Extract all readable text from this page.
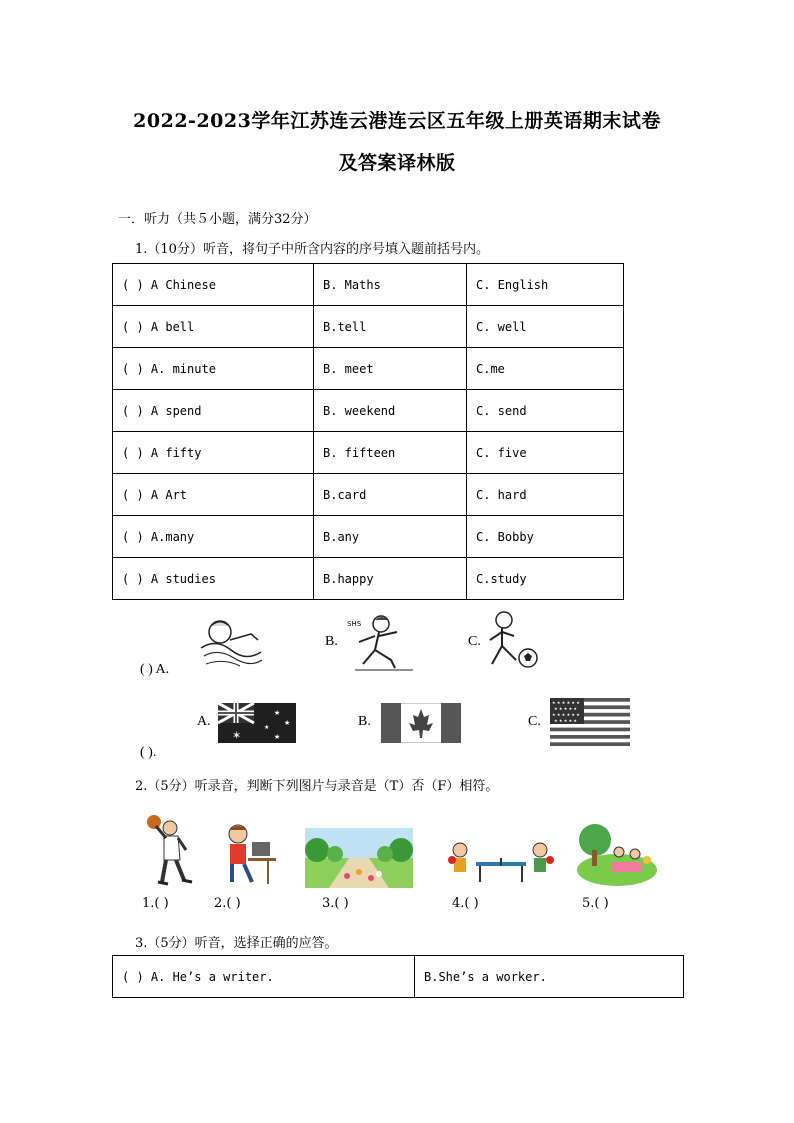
2022-2023学年江苏连云港连云区五年级上册英语期末试卷
及答案译林版
一．听力（共５小题，满分32分）
1.（10分）听音，将句子中所含内容的序号填入题前括号内。
( ) A Chinese	B. Maths	C. English
( ) A bell	B.tell	C. well
( ) A. minute	B. meet	C.me
( ) A spend	B. weekend	C. send
( ) A fifty	B. fifteen	C. five
( ) A Art	B.card	C. hard
( ) A.many	B.any	C. Bobby
( ) A studies	B.happy	C.study
B.
SHS
C.
( ) A.
A.
✶
★
★
★
★	B.	C.
★ ★ ★ ★ ★ ★
★ ★ ★ ★ ★
★ ★ ★ ★ ★ ★
★ ★ ★ ★ ★
( ).
2.（5分）听录音，判断下列图片与录音是（T）否（F）相符。
1.( )	2.( )	3.( )	4.( )	5.( )
3.（5分）听音，选择正确的应答。
( ) A. He’s a writer.	B.She’s a worker.
